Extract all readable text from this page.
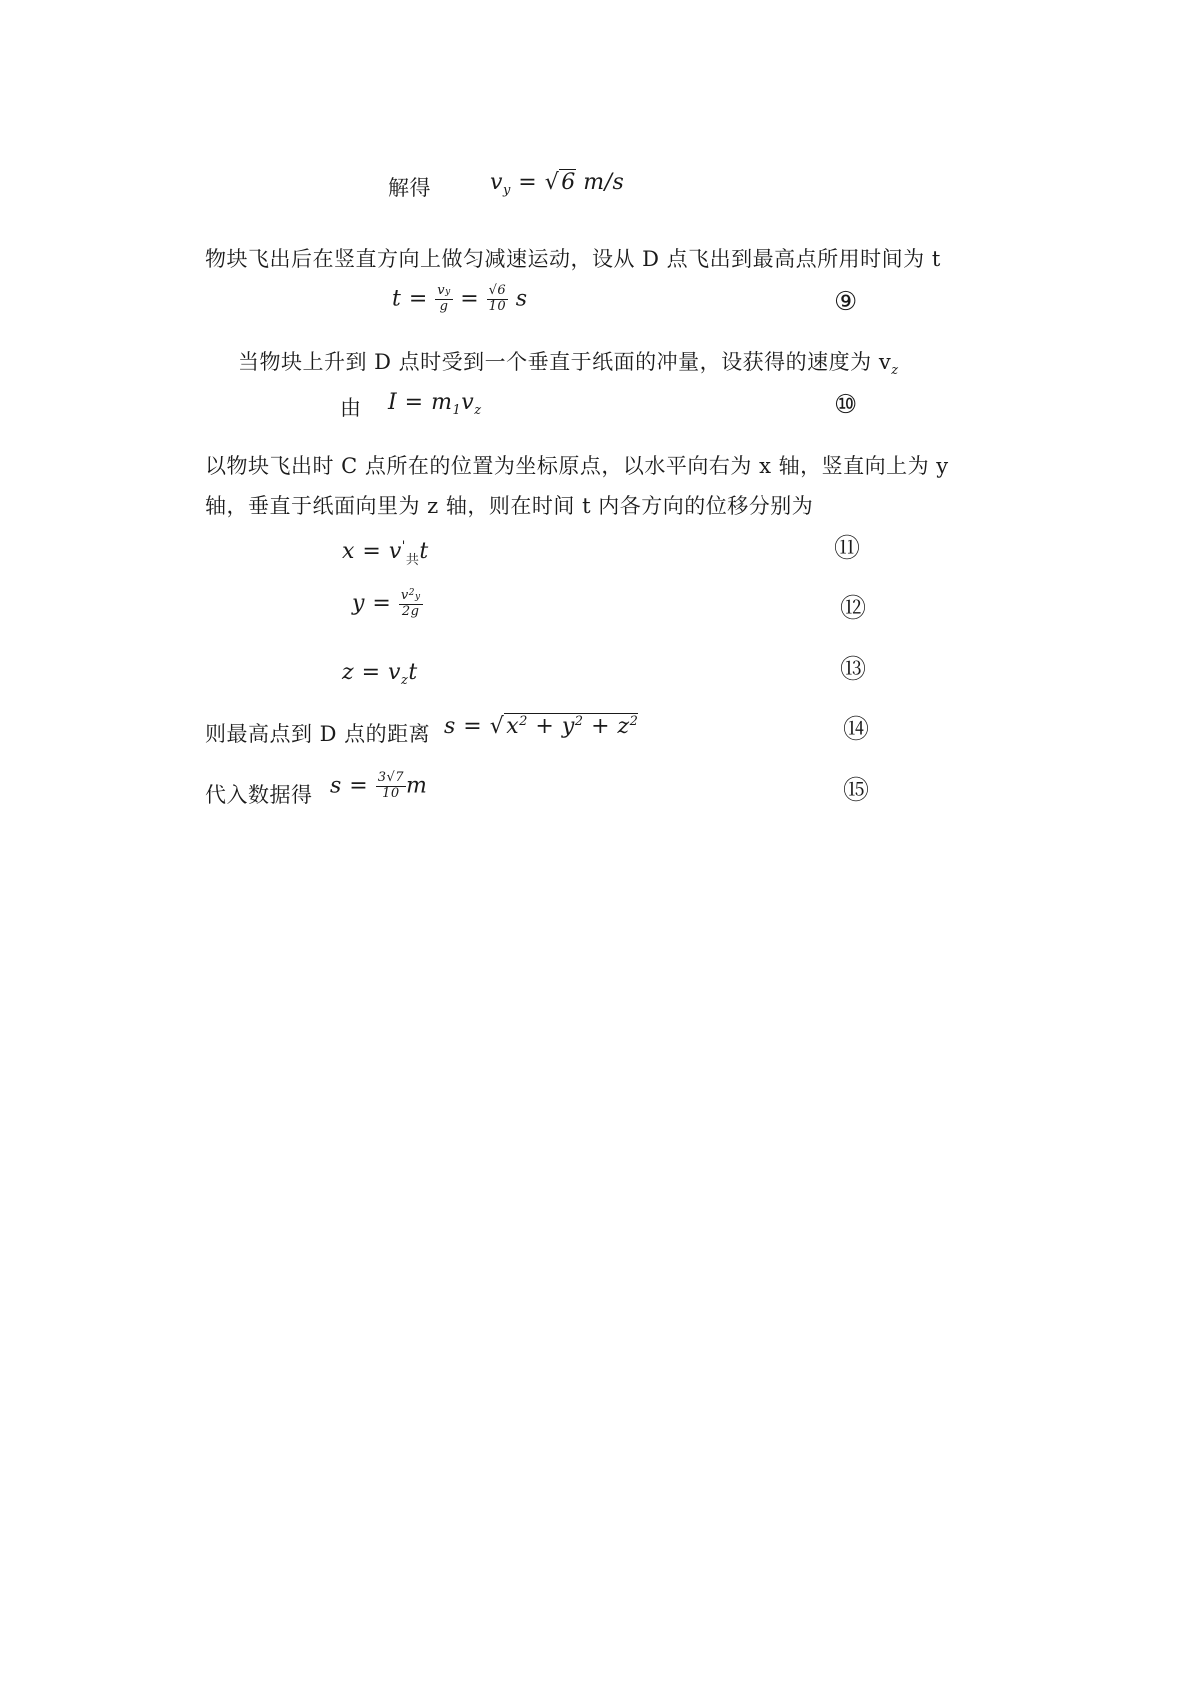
解得	$v_y = √6$ m/s
物块飞出后在竖直方向上做匀减速运动，设从 D 点飞出到最高点所用时间为 t
$t = \frac{vy}{g} = \frac{√6}{10}$ s	⑨
当物块上升到 D 点时受到一个垂直于纸面的冲量，设获得的速度为 $v_z$
由 $I = m_1v_z$	⑩
以物块飞出时 C 点所在的位置为坐标原点，以水平向右为 x 轴，竖直向上为 y
轴，垂直于纸面向里为 z 轴，则在时间 t 内各方向的位移分别为
$x = v'_共t$	⑪
$y = \frac{v^2y}{2g}$	⑫
$z = v_zt$	⑬
则最高点到 D 点的距离 $s = √x^2 + y^2 + z^2$	⑭
代入数据得 $s = \frac{3√7}{10}$ m	⑮
